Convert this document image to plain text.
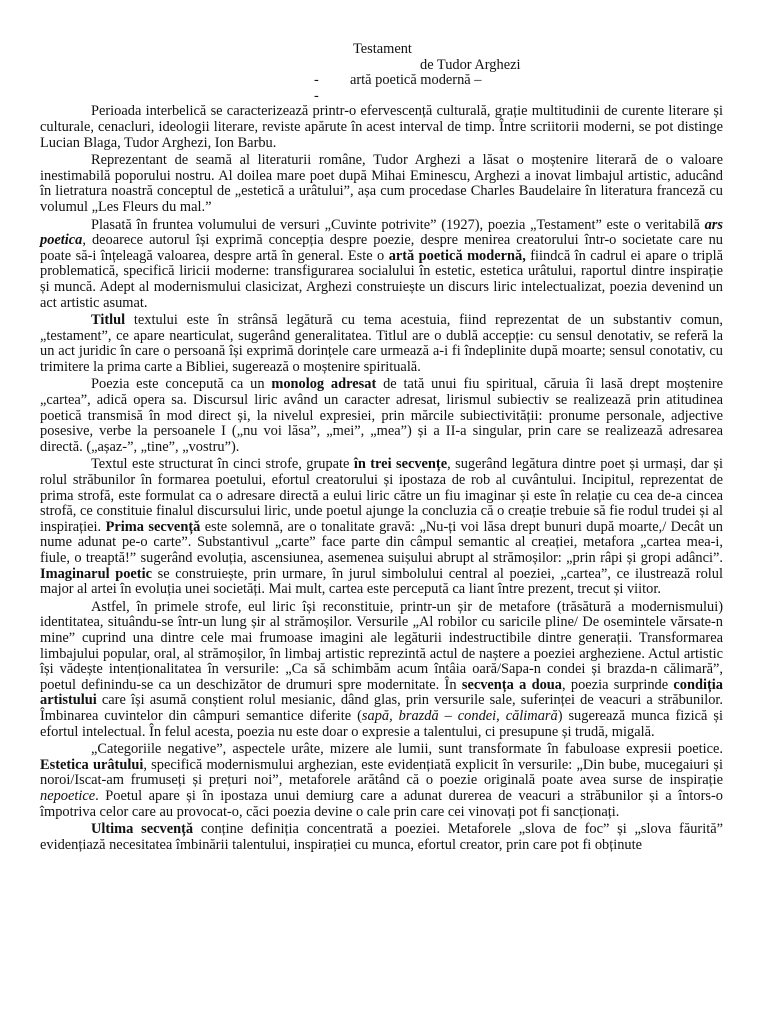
Testament
de Tudor Arghezi
- artă poetică modernă –
-

Perioada interbelică se caracterizează printr-o efervescență culturală, grație multitudinii de curente literare și culturale, cenacluri, ideologii literare, reviste apărute în acest interval de timp. Între scriitorii moderni, se pot distinge Lucian Blaga, Tudor Arghezi, Ion Barbu.

Reprezentant de seamă al literaturii române, Tudor Arghezi a lăsat o moștenire literară de o valoare inestimabilă poporului nostru. Al doilea mare poet după Mihai Eminescu, Arghezi a inovat limbajul artistic, aducând în lietratura noastră conceptul de „estetică a urâtului”, așa cum procedase Charles Baudelaire în literatura franceză cu volumul „Les Fleurs du mal.”

Plasată în fruntea volumului de versuri „Cuvinte potrivite” (1927), poezia „Testament” este o veritabilă ars poetica, deoarece autorul își exprimă concepția despre poezie, despre menirea creatorului într-o societate care nu poate să-i înțeleagă valoarea, despre artă în general. Este o artă poetică modernă, fiindcă în cadrul ei apare o triplă problematică, specifică liricii moderne: transfigurarea socialului în estetic, estetica urâtului, raportul dintre inspirație și muncă. Adept al modernismului clasicizat, Arghezi construiește un discurs liric intelectualizat, poezia devenind un act artistic asumat.

Titlul textului este în strânsă legătură cu tema acestuia, fiind reprezentat de un substantiv comun, „testament”, ce apare nearticulat, sugerând generalitatea. Titlul are o dublă accepție: cu sensul denotativ, se referă la un act juridic în care o persoană își exprimă dorințele care urmează a-i fi îndeplinite după moarte; sensul conotativ, cu trimitere la prima carte a Bibliei, sugerează o moștenire spirituală.

Poezia este concepută ca un monolog adresat de tată unui fiu spiritual, căruia îi lasă drept moștenire „cartea”, adică opera sa. Discursul liric având un caracter adresat, lirismul subiectiv se realizează prin atitudinea poetică transmisă în mod direct și, la nivelul expresiei, prin mărcile subiectivității: pronume personale, adjective posesive, verbe la persoanele I („nu voi lăsa”, „mei”, „mea”) și a II-a singular, prin care se realizează adresarea directă. („așaz-”, „tine”, „vostru”).

Textul este structurat în cinci strofe, grupate în trei secvențe, sugerând legătura dintre poet și urmași, dar și rolul străbunilor în formarea poetului, efortul creatorului și ipostaza de rob al cuvântului. Incipitul, reprezentat de prima strofă, este formulat ca o adresare directă a eului liric către un fiu imaginar și este în relație cu cea de-a cincea strofă, ce constituie finalul discursului liric, unde poetul ajunge la concluzia că o creație trebuie să fie rodul trudei și al inspirației. Prima secvență este solemnă, are o tonalitate gravă: „Nu-ți voi lăsa drept bunuri după moarte,/ Decât un nume adunat pe-o carte”. Substantivul „carte” face parte din câmpul semantic al creației, metafora „cartea mea-i, fiule, o treaptă!” sugerând evoluția, ascensiunea, asemenea suișului abrupt al strămoșilor: „prin râpi și gropi adânci”. Imaginarul poetic se construiește, prin urmare, în jurul simbolului central al poeziei, „cartea”, ce ilustrează rolul major al artei în evoluția unei societăți. Mai mult, cartea este percepută ca liant între prezent, trecut și viitor.

Astfel, în primele strofe, eul liric își reconstituie, printr-un șir de metafore (trăsătură a modernismului) identitatea, situându-se într-un lung șir al strămoșilor. Versurile „Al robilor cu saricile pline/ De osemintele vărsate-n mine” cuprind una dintre cele mai frumoase imagini ale legăturii indestructibile dintre generații. Transformarea limbajului popular, oral, al strămoșilor, în limbaj artistic reprezintă actul de naștere a poeziei argheziene. Actul artistic își vădește intenționalitatea în versurile: „Ca să schimbăm acum întâia oară/Sapa-n condei și brazda-n călimară”, poetul definindu-se ca un deschizător de drumuri spre modernitate. În secvența a doua, poezia surprinde condiția artistului care își asumă conștient rolul mesianic, dând glas, prin versurile sale, suferinței de veacuri a străbunilor. Îmbinarea cuvintelor din câmpuri semantice diferite (sapă, brazdă – condei, călimară) sugerează munca fizică și efortul intelectual. În felul acesta, poezia nu este doar o expresie a talentului, ci presupune și trudă, migală.

„Categoriile negative”, aspectele urâte, mizere ale lumii, sunt transformate în fabuloase expresii poetice. Estetica urâtului, specifică modernismului arghezian, este evidențiată explicit în versurile: „Din bube, mucegaiuri și noroi/Iscat-am frumuseți și prețuri noi”, metaforele arătând că o poezie originală poate avea surse de inspirație nepoetice. Poetul apare și în ipostaza unui demiurg care a adunat durerea de veacuri a străbunilor și a întors-o împotriva celor care au provocat-o, căci poezia devine o cale prin care cei vinovați pot fi sancționați.

Ultima secvență conține definiția concentrată a poeziei. Metaforele „slova de foc” și „slova făurită” evidențiază necesitatea îmbinării talentului, inspirației cu munca, efortul creator, prin care pot fi obținute
